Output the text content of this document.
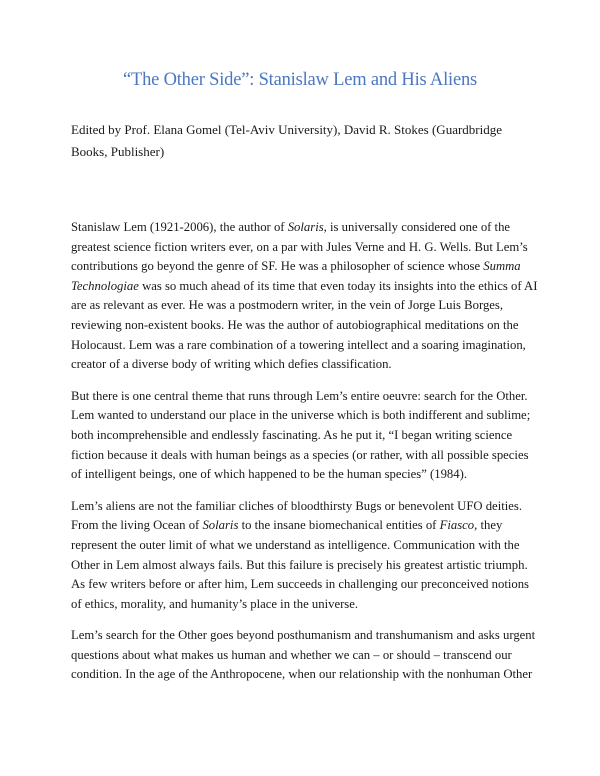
“The Other Side”: Stanislaw Lem and His Aliens
Edited by Prof. Elana Gomel (Tel-Aviv University), David R. Stokes (Guardbridge Books, Publisher)

Stanislaw Lem (1921-2006), the author of Solaris, is universally considered one of the greatest science fiction writers ever, on a par with Jules Verne and H. G. Wells. But Lem’s contributions go beyond the genre of SF. He was a philosopher of science whose Summa Technologiae was so much ahead of its time that even today its insights into the ethics of AI are as relevant as ever. He was a postmodern writer, in the vein of Jorge Luis Borges, reviewing non-existent books. He was the author of autobiographical meditations on the Holocaust. Lem was a rare combination of a towering intellect and a soaring imagination, creator of a diverse body of writing which defies classification.

But there is one central theme that runs through Lem’s entire oeuvre: search for the Other. Lem wanted to understand our place in the universe which is both indifferent and sublime; both incomprehensible and endlessly fascinating. As he put it, “I began writing science fiction because it deals with human beings as a species (or rather, with all possible species of intelligent beings, one of which happened to be the human species” (1984).

Lem’s aliens are not the familiar cliches of bloodthirsty Bugs or benevolent UFO deities. From the living Ocean of Solaris to the insane biomechanical entities of Fiasco, they represent the outer limit of what we understand as intelligence. Communication with the Other in Lem almost always fails. But this failure is precisely his greatest artistic triumph. As few writers before or after him, Lem succeeds in challenging our preconceived notions of ethics, morality, and humanity’s place in the universe.

Lem’s search for the Other goes beyond posthumanism and transhumanism and asks urgent questions about what makes us human and whether we can – or should – transcend our condition. In the age of the Anthropocene, when our relationship with the nonhuman Other
